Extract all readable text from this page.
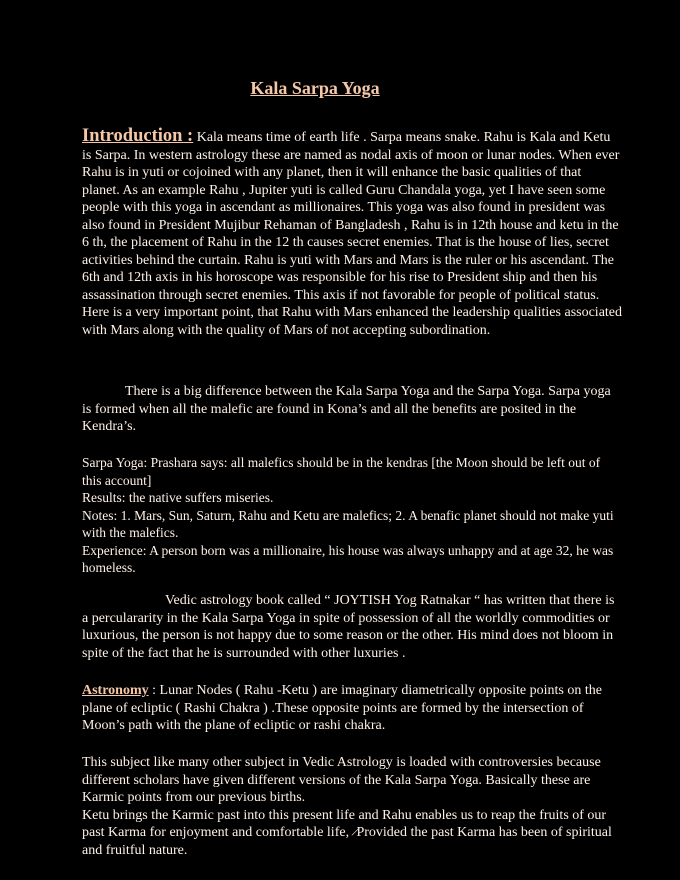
Kala Sarpa Yoga

Introduction : Kala means time of earth life . Sarpa means snake. Rahu is Kala and Ketu is Sarpa. In western astrology these are named as nodal axis of moon or lunar nodes. When ever Rahu is in yuti or cojoined with any planet, then it will enhance the basic qualities of that planet. As an example Rahu , Jupiter yuti is called Guru Chandala yoga, yet I have seen some people with this yoga in ascendant as millionaires. This yoga was also found in president was also found in President Mujibur Rehaman of Bangladesh , Rahu is in 12th house and ketu in the 6 th, the placement of Rahu in the 12 th causes secret enemies. That is the house of lies, secret activities behind the curtain. Rahu is yuti with Mars and Mars is the ruler or his ascendant. The 6th and 12th axis in his horoscope was responsible for his rise to President ship and then his assassination through secret enemies. This axis if not favorable for people of political status. Here is a very important point, that Rahu with Mars enhanced the leadership qualities associated with Mars along with the quality of Mars of not accepting subordination.

There is a big difference between the Kala Sarpa Yoga and the Sarpa Yoga. Sarpa yoga is formed when all the malefic are found in Kona’s and all the benefits are posited in the Kendra’s.

Sarpa Yoga: Prashara says: all malefics should be in the kendras [the Moon should be left out of this account]

Results: the native suffers miseries.

Notes: 1. Mars, Sun, Saturn, Rahu and Ketu are malefics; 2. A benafic planet should not make yuti with the malefics.

Experience: A person born was a millionaire, his house was always unhappy and at age 32, he was homeless.

Vedic astrology book called “ JOYTISH Yog Ratnakar “ has written that there is a perculararity in the Kala Sarpa Yoga in spite of possession of all the worldly commodities or luxurious, the person is not happy due to some reason or the other. His mind does not bloom in spite of the fact that he is surrounded with other luxuries .

Astronomy : Lunar Nodes ( Rahu -Ketu ) are imaginary diametrically opposite points on the plane of ecliptic ( Rashi Chakra ) .These opposite points are formed by the intersection of Moon’s path with the plane of ecliptic or rashi chakra.

This subject like many other subject in Vedic Astrology is loaded with controversies because different scholars have given different versions of the Kala Sarpa Yoga. Basically these are Karmic points from our previous births.
Ketu brings the Karmic past into this present life and Rahu enables us to reap the fruits of our past Karma for enjoyment and comfortable life, /Provided the past Karma has been of spiritual and fruitful nature.
